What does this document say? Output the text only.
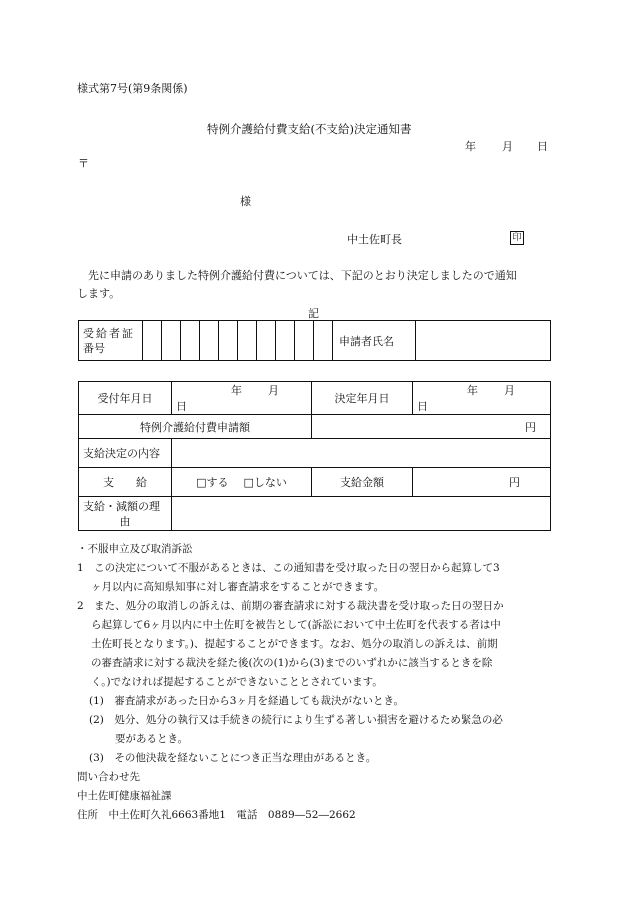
様式第7号(第9条関係)
特例介護給付費支給(不支給)決定通知書
年 月 日
〒
様
中土佐町長	印
先に申請のありました特例介護給付費については、下記のとおり決定しましたので通知
します。
記
受給者証
番号
											申請者氏名	
受付年月日	年 月日	決定年月日	年 月日
特例介護給付費申請額		円	
支給決定の内容			
支　　給	□する □しない	支給金額	円

支給・減額の理
由			

・不服申立及び取消訴訟

1　この決定について不服があるときは、この通知書を受け取った日の翌日から起算して3
ヶ月以内に高知県知事に対し審査請求をすることができます。

2　また、処分の取消しの訴えは、前期の審査請求に対する裁決書を受け取った日の翌日か
ら起算して6ヶ月以内に中土佐町を被告として(訴訟において中土佐町を代表する者は中
土佐町長となります。)、提起することができます。なお、処分の取消しの訴えは、前期
の審査請求に対する裁決を経た後(次の(1)から(3)までのいずれかに該当するときを除
く。)でなければ提起することができないこととされています。

(1)　審査請求があった日から3ヶ月を経過しても裁決がないとき。

(2)　処分、処分の執行又は手続きの続行により生ずる著しい損害を避けるため緊急の必
要があるとき。

(3)　その他決裁を経ないことにつき正当な理由があるとき。

問い合わせ先
中土佐町健康福祉課
住所　中土佐町久礼6663番地1　電話　0889―52―2662
